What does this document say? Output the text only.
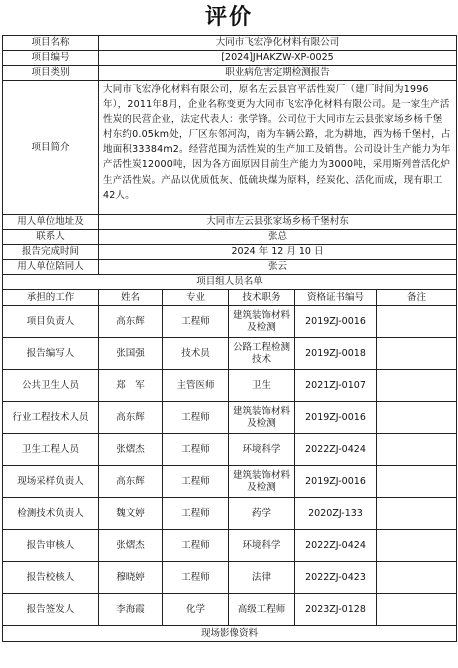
评价
项目名称	大同市飞宏净化材料有限公司				
项目编号	[2024]JHAKZW-XP-0025				
项目类别	职业病危害定期检测报告				
项目简介	大同市飞宏净化材料有限公司，原名左云县宫平活性炭厂（建厂时间为1996年），2011年8月，企业名称变更为大同市飞宏净化材料有限公司。是一家生产活性炭的民营企业，法定代表人：张学锋。公司位于大同市左云县张家场乡杨千堡村东约0.05km处，厂区东邻河沟，南为车辆公路，北为耕地，西为杨千堡村，占地面积33384m2。经营范围为活性炭的生产加工及销售。公司设计生产能力为年产活性炭12000吨，因为各方面原因目前生产能力为3000吨，采用斯列普活化炉生产活性炭。产品以优质低灰、低硫块煤为原料，经炭化、活化而成，现有职工42人。				
用人单位地址及	大同市左云县张家场乡杨千堡村东				
联系人	张总				
报告完成时间	2024 年 12 月 10 日				
用人单位陪同人	张云				
项目组人员名单					
承担的工作	姓名	专业	技术职务	资格证书编号	备注
项目负责人	高东辉	工程师	建筑装饰材料及检测	2019ZJ-0016	
报告编写人	张国强	技术员	公路工程检测技术	2019ZJ-0018	
公共卫生人员	郑　军	主管医师	卫生	2021ZJ-0107	
行业工程技术人员	高东辉	工程师	建筑装饰材料及检测	2019ZJ-0016	
卫生工程人员	张熠杰	工程师	环境科学	2022ZJ-0424	
现场采样负责人	高东辉	工程师	建筑装饰材料及检测	2019ZJ-0016	
检测技术负责人	魏文婷	工程师	药学	2020ZJ-133	
报告审核人	张熠杰	工程师	环境科学	2022ZJ-0424	
报告校核人	穆晓婷	工程师	法律	2022ZJ-0423	
报告签发人	李海霞	化学	高级工程师	2023ZJ-0128	
现场影像资料					
